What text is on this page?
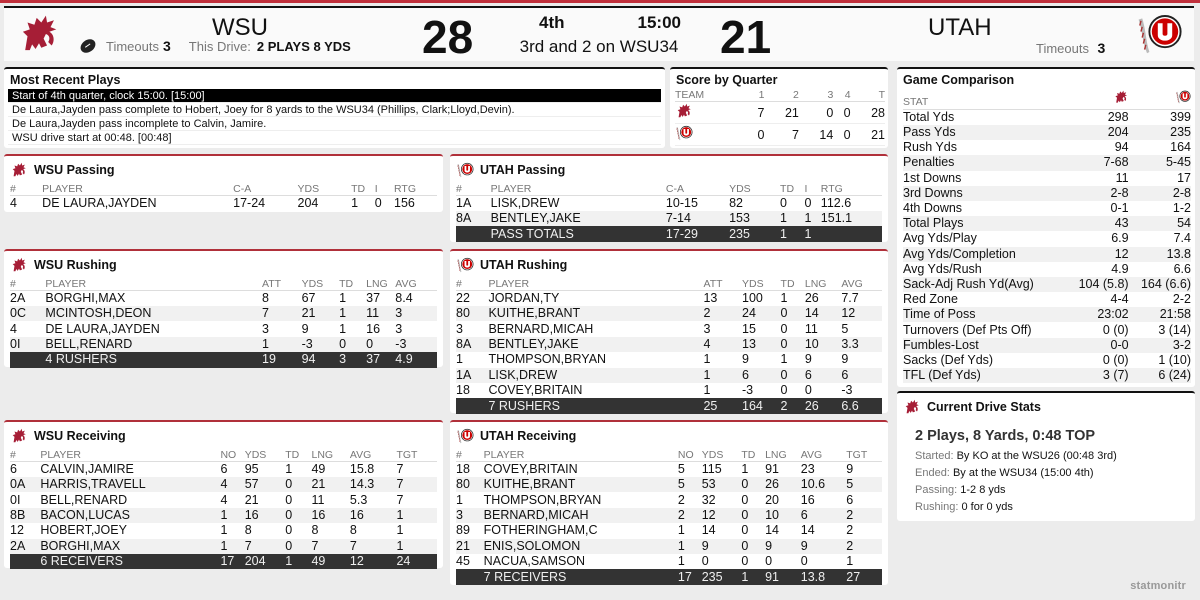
WSU
Timeouts 3 This Drive: 2 PLAYS 8 YDS 28	4th	15:00
3rd and 2 on WSU34 21	UTAH
Timeouts 3
Most Recent Plays
Start of 4th quarter, clock 15:00. [15:00]
De Laura,Jayden pass complete to Hobert, Joey for 8 yards to the WSU34 (Phillips, Clark;Lloyd,Devin).
De Laura,Jayden pass incomplete to Calvin, Jamire.
WSU drive start at 00:48. [00:48]
Score by Quarter
TEAM	1	2	3	4	T
	7	21	0	0	28
	0	7	14	0	21
Game Comparison
STAT		
Total Yds	298	399
Pass Yds	204	235
Rush Yds	94	164
Penalties	7-68	5-45
1st Downs	11	17
3rd Downs	2-8	2-8
4th Downs	0-1	1-2
Total Plays	43	54
Avg Yds/Play	6.9	7.4
Avg Yds/Completion	12	13.8
Avg Yds/Rush	4.9	6.6
Sack-Adj Rush Yd(Avg)	104 (5.8)	164 (6.6)
Red Zone	4-4	2-2
Time of Poss	23:02	21:58
Turnovers (Def Pts Off)	0 (0)	3 (14)
Fumbles-Lost	0-0	3-2
Sacks (Def Yds)	0 (0)	1 (10)
TFL (Def Yds)	3 (7)	6 (24)
Current Drive Stats
2 Plays, 8 Yards, 0:48 TOP
Started: By KO at the WSU26 (00:48 3rd)
Ended: By at the WSU34 (15:00 4th)
Passing: 1-2 8 yds
Rushing: 0 for 0 yds
WSU Passing
#	PLAYER	C-A	YDS	TD	I	RTG
4	DE LAURA,JAYDEN	17-24	204	1	0	156
UTAH Passing
#	PLAYER	C-A	YDS	TD	I	RTG
1A	LISK,DREW	10-15	82	0	0	112.6
8A	BENTLEY,JAKE	7-14	153	1	1	151.1
	PASS TOTALS	17-29	235	1	1	
WSU Rushing
#	PLAYER	ATT	YDS	TD	LNG	AVG
2A	BORGHI,MAX	8	67	1	37	8.4
0C	MCINTOSH,DEON	7	21	1	11	3
4	DE LAURA,JAYDEN	3	9	1	16	3
0I	BELL,RENARD	1	-3	0	0	-3
	4 RUSHERS	19	94	3	37	4.9
UTAH Rushing
#	PLAYER	ATT	YDS	TD	LNG	AVG
22	JORDAN,TY	13	100	1	26	7.7
80	KUITHE,BRANT	2	24	0	14	12
3	BERNARD,MICAH	3	15	0	11	5
8A	BENTLEY,JAKE	4	13	0	10	3.3
1	THOMPSON,BRYAN	1	9	1	9	9
1A	LISK,DREW	1	6	0	6	6
18	COVEY,BRITAIN	1	-3	0	0	-3
	7 RUSHERS	25	164	2	26	6.6
WSU Receiving
#	PLAYER	NO	YDS	TD	LNG	AVG	TGT
6	CALVIN,JAMIRE	6	95	1	49	15.8	7
0A	HARRIS,TRAVELL	4	57	0	21	14.3	7
0I	BELL,RENARD	4	21	0	11	5.3	7
8B	BACON,LUCAS	1	16	0	16	16	1
12	HOBERT,JOEY	1	8	0	8	8	1
2A	BORGHI,MAX	1	7	0	7	7	1
	6 RECEIVERS	17	204	1	49	12	24
UTAH Receiving
#	PLAYER	NO	YDS	TD	LNG	AVG	TGT
18	COVEY,BRITAIN	5	115	1	91	23	9
80	KUITHE,BRANT	5	53	0	26	10.6	5
1	THOMPSON,BRYAN	2	32	0	20	16	6
3	BERNARD,MICAH	2	12	0	10	6	2
89	FOTHERINGHAM,C	1	14	0	14	14	2
21	ENIS,SOLOMON	1	9	0	9	9	2
45	NACUA,SAMSON	1	0	0	0	0	1
	7 RECEIVERS	17	235	1	91	13.8	27
statmonitr
